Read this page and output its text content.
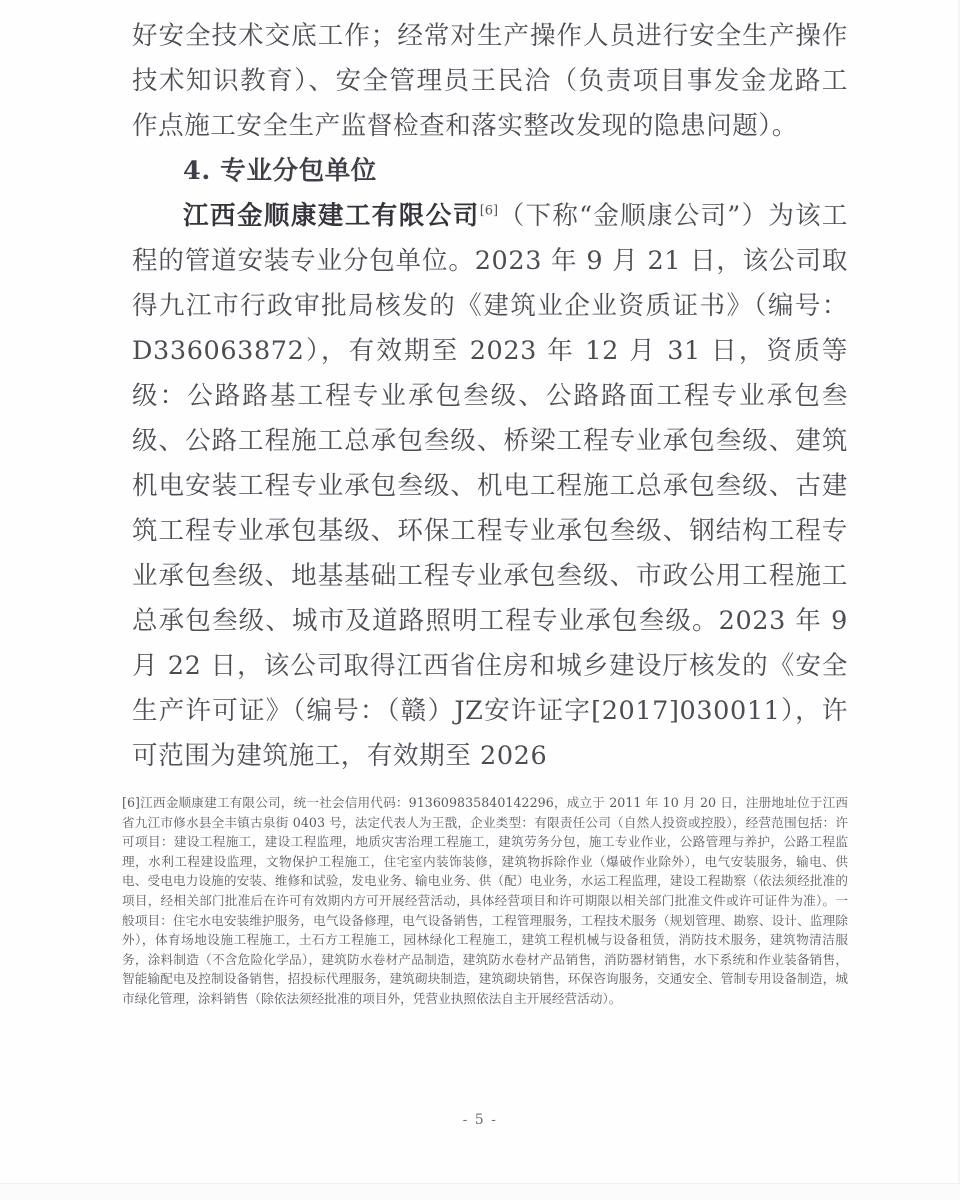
好安全技术交底工作；经常对生产操作人员进行安全生产操作技术知识教育）、安全管理员王民洽（负责项目事发金龙路工作点施工安全生产监督检查和落实整改发现的隐患问题）。

4. 专业分包单位

江西金顺康建工有限公司[6]（下称“金顺康公司”）为该工程的管道安装专业分包单位。2023 年 9 月 21 日，该公司取得九江市行政审批局核发的《建筑业企业资质证书》（编号：D336063872），有效期至 2023 年 12 月 31 日，资质等级：公路路基工程专业承包叁级、公路路面工程专业承包叁级、公路工程施工总承包叁级、桥梁工程专业承包叁级、建筑机电安装工程专业承包叁级、机电工程施工总承包叁级、古建筑工程专业承包基级、环保工程专业承包叁级、钢结构工程专业承包叁级、地基基础工程专业承包叁级、市政公用工程施工总承包叁级、城市及道路照明工程专业承包叁级。2023 年 9 月 22 日，该公司取得江西省住房和城乡建设厅核发的《安全生产许可证》（编号：（赣）JZ安许证字[2017]030011），许可范围为建筑施工，有效期至 2026

[6]江西金顺康建工有限公司，统一社会信用代码：913609835840142296，成立于 2011 年 10 月 20 日，注册地址位于江西省九江市修水县全丰镇古泉街 0403 号，法定代表人为王戬，企业类型：有限责任公司（自然人投资或控股），经营范围包括：许可项目：建设工程施工，建设工程监理，地质灾害治理工程施工，建筑劳务分包，施工专业作业，公路管理与养护，公路工程监理，水利工程建设监理，文物保护工程施工，住宅室内装饰装修，建筑物拆除作业（爆破作业除外），电气安装服务，输电、供电、受电电力设施的安装、维修和试验，发电业务、输电业务、供（配）电业务，水运工程监理，建设工程勘察（依法须经批准的项目，经相关部门批准后在许可有效期内方可开展经营活动，具体经营项目和许可期限以相关部门批准文件或许可证件为准）。一般项目：住宅水电安装维护服务，电气设备修理，电气设备销售，工程管理服务，工程技术服务（规划管理、勘察、设计、监理除外），体育场地设施工程施工，土石方工程施工，园林绿化工程施工，建筑工程机械与设备租赁，消防技术服务，建筑物清洁服务，涂料制造（不含危险化学品），建筑防水卷材产品制造，建筑防水卷材产品销售，消防器材销售，水下系统和作业装备销售，智能输配电及控制设备销售，招投标代理服务，建筑砌块制造，建筑砌块销售，环保咨询服务，交通安全、管制专用设备制造，城市绿化管理，涂料销售（除依法须经批准的项目外，凭营业执照依法自主开展经营活动）。

- 5 -
